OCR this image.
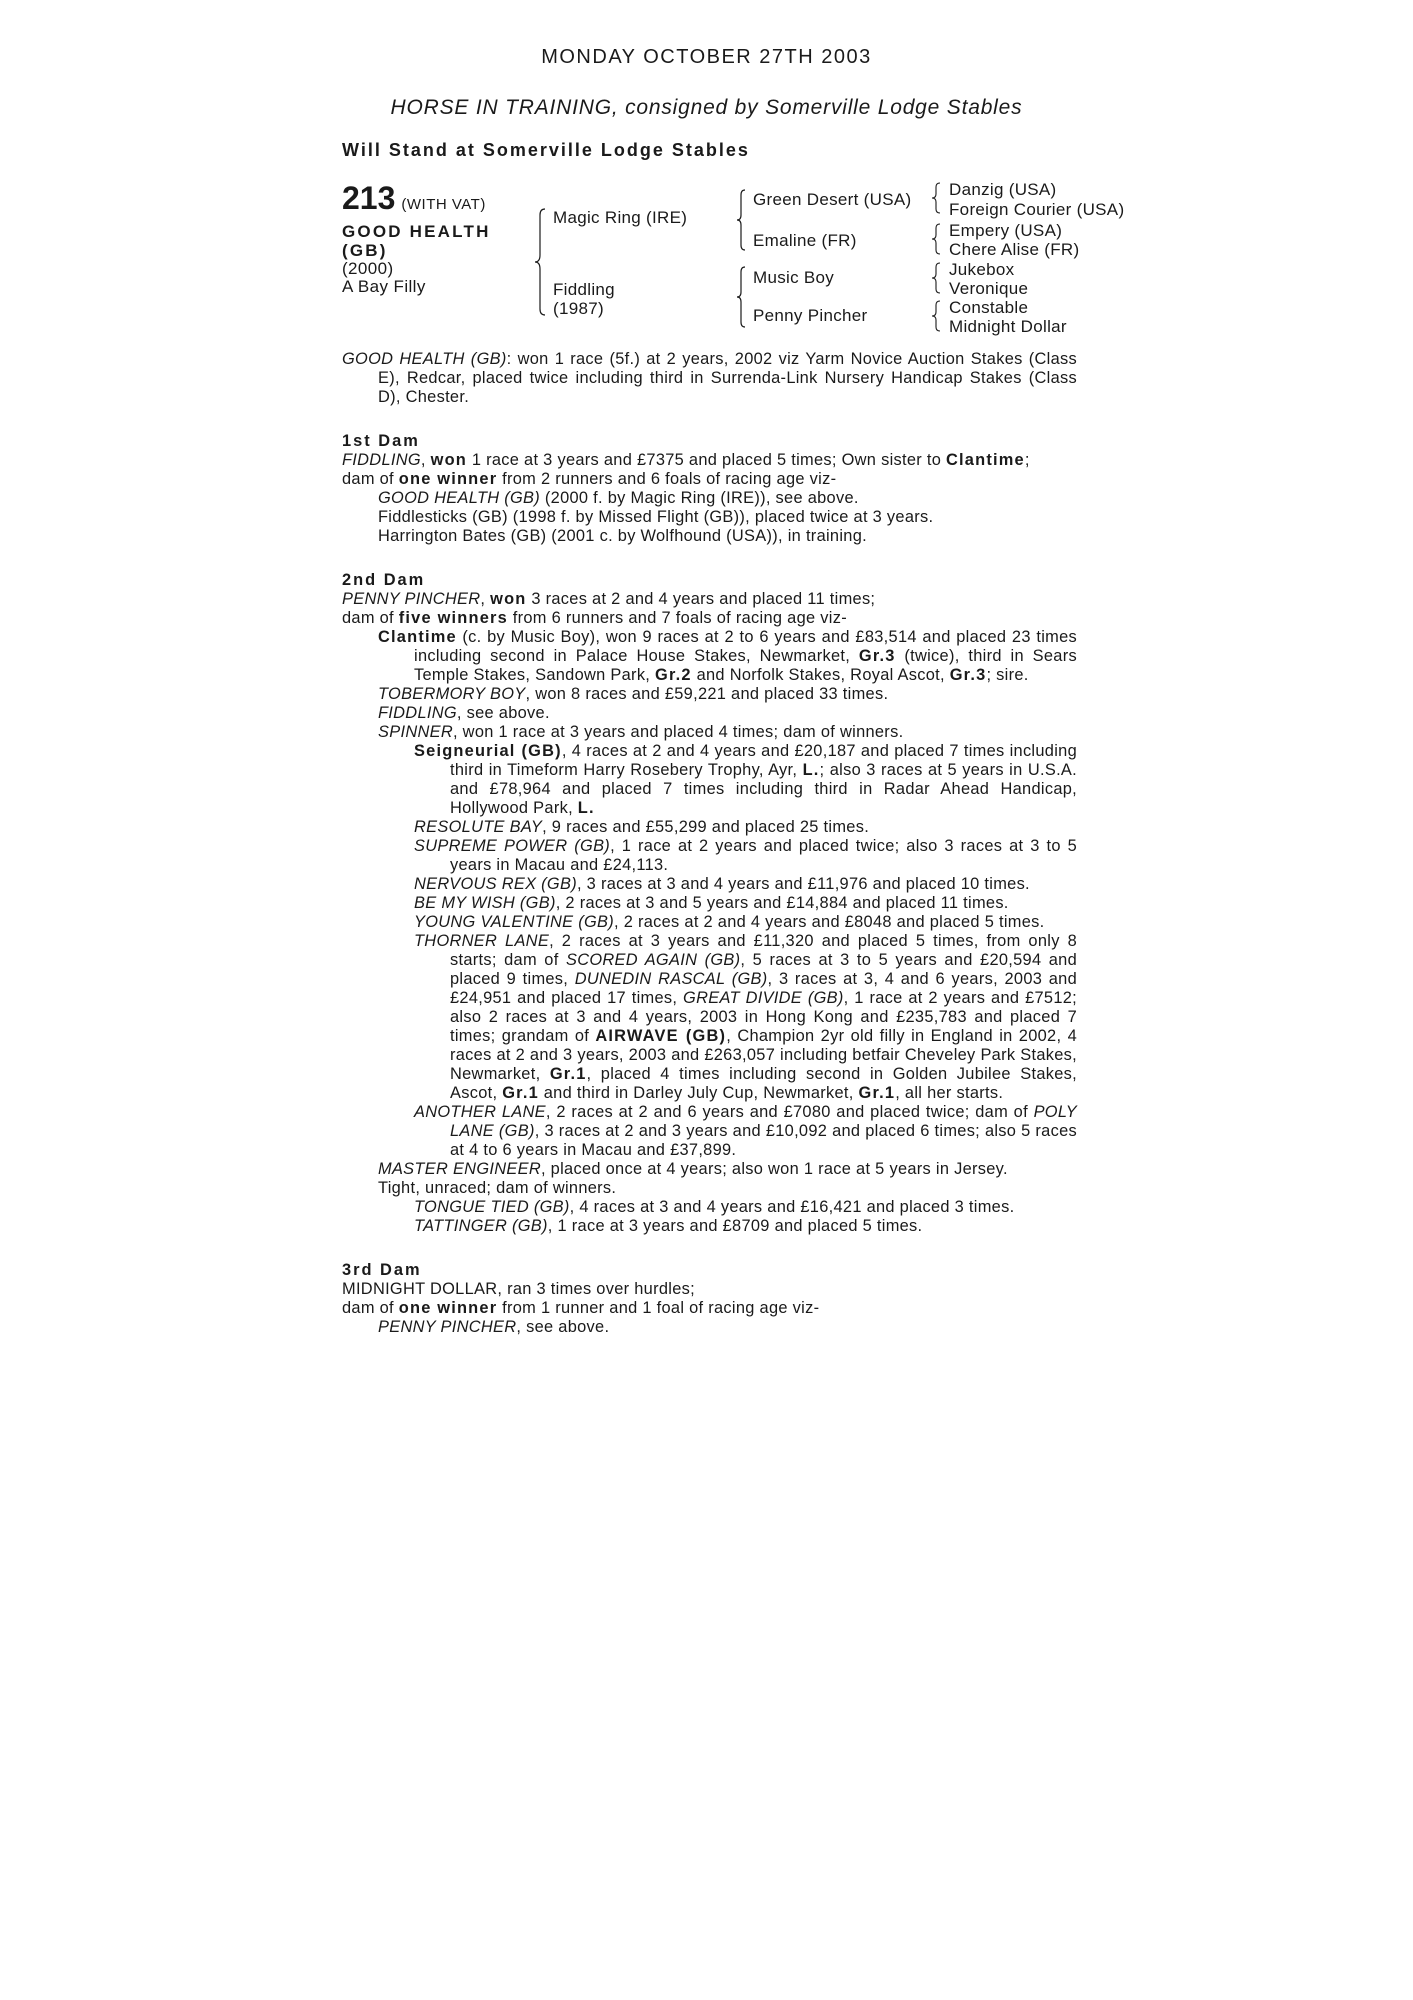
MONDAY OCTOBER 27TH 2003
HORSE IN TRAINING, consigned by Somerville Lodge Stables
Will Stand at Somerville Lodge Stables
213 (WITH VAT)
GOOD HEALTH
(GB)
(2000)
A Bay Filly
Magic Ring (IRE)
Fiddling
(1987)
Green Desert (USA)
Emaline (FR)
Music Boy
Penny Pincher
Danzig (USA)
Foreign Courier (USA)
Empery (USA)
Chere Alise (FR)
Jukebox
Veronique
Constable
Midnight Dollar

GOOD HEALTH (GB): won 1 race (5f.) at 2 years, 2002 viz Yarm Novice Auction Stakes (Class E), Redcar, placed twice including third in Surrenda-Link Nursery Handicap Stakes (Class D), Chester.

1st Dam

FIDDLING, won 1 race at 3 years and £7375 and placed 5 times; Own sister to Clantime;

dam of one winner from 2 runners and 6 foals of racing age viz-

GOOD HEALTH (GB) (2000 f. by Magic Ring (IRE)), see above.

Fiddlesticks (GB) (1998 f. by Missed Flight (GB)), placed twice at 3 years.

Harrington Bates (GB) (2001 c. by Wolfhound (USA)), in training.

2nd Dam

PENNY PINCHER, won 3 races at 2 and 4 years and placed 11 times;

dam of five winners from 6 runners and 7 foals of racing age viz-

Clantime (c. by Music Boy), won 9 races at 2 to 6 years and £83,514 and placed 23 times including second in Palace House Stakes, Newmarket, Gr.3 (twice), third in Sears Temple Stakes, Sandown Park, Gr.2 and Norfolk Stakes, Royal Ascot, Gr.3; sire.

TOBERMORY BOY, won 8 races and £59,221 and placed 33 times.

FIDDLING, see above.

SPINNER, won 1 race at 3 years and placed 4 times; dam of winners.

Seigneurial (GB), 4 races at 2 and 4 years and £20,187 and placed 7 times including third in Timeform Harry Rosebery Trophy, Ayr, L.; also 3 races at 5 years in U.S.A. and £78,964 and placed 7 times including third in Radar Ahead Handicap, Hollywood Park, L.

RESOLUTE BAY, 9 races and £55,299 and placed 25 times.

SUPREME POWER (GB), 1 race at 2 years and placed twice; also 3 races at 3 to 5 years in Macau and £24,113.

NERVOUS REX (GB), 3 races at 3 and 4 years and £11,976 and placed 10 times.

BE MY WISH (GB), 2 races at 3 and 5 years and £14,884 and placed 11 times.

YOUNG VALENTINE (GB), 2 races at 2 and 4 years and £8048 and placed 5 times.

THORNER LANE, 2 races at 3 years and £11,320 and placed 5 times, from only 8 starts; dam of SCORED AGAIN (GB), 5 races at 3 to 5 years and £20,594 and placed 9 times, DUNEDIN RASCAL (GB), 3 races at 3, 4 and 6 years, 2003 and £24,951 and placed 17 times, GREAT DIVIDE (GB), 1 race at 2 years and £7512; also 2 races at 3 and 4 years, 2003 in Hong Kong and £235,783 and placed 7 times; grandam of AIRWAVE (GB), Champion 2yr old filly in England in 2002, 4 races at 2 and 3 years, 2003 and £263,057 including betfair Cheveley Park Stakes, Newmarket, Gr.1, placed 4 times including second in Golden Jubilee Stakes, Ascot, Gr.1 and third in Darley July Cup, Newmarket, Gr.1, all her starts.

ANOTHER LANE, 2 races at 2 and 6 years and £7080 and placed twice; dam of POLY LANE (GB), 3 races at 2 and 3 years and £10,092 and placed 6 times; also 5 races at 4 to 6 years in Macau and £37,899.

MASTER ENGINEER, placed once at 4 years; also won 1 race at 5 years in Jersey.

Tight, unraced; dam of winners.

TONGUE TIED (GB), 4 races at 3 and 4 years and £16,421 and placed 3 times.

TATTINGER (GB), 1 race at 3 years and £8709 and placed 5 times.

3rd Dam

MIDNIGHT DOLLAR, ran 3 times over hurdles;

dam of one winner from 1 runner and 1 foal of racing age viz-

PENNY PINCHER, see above.
